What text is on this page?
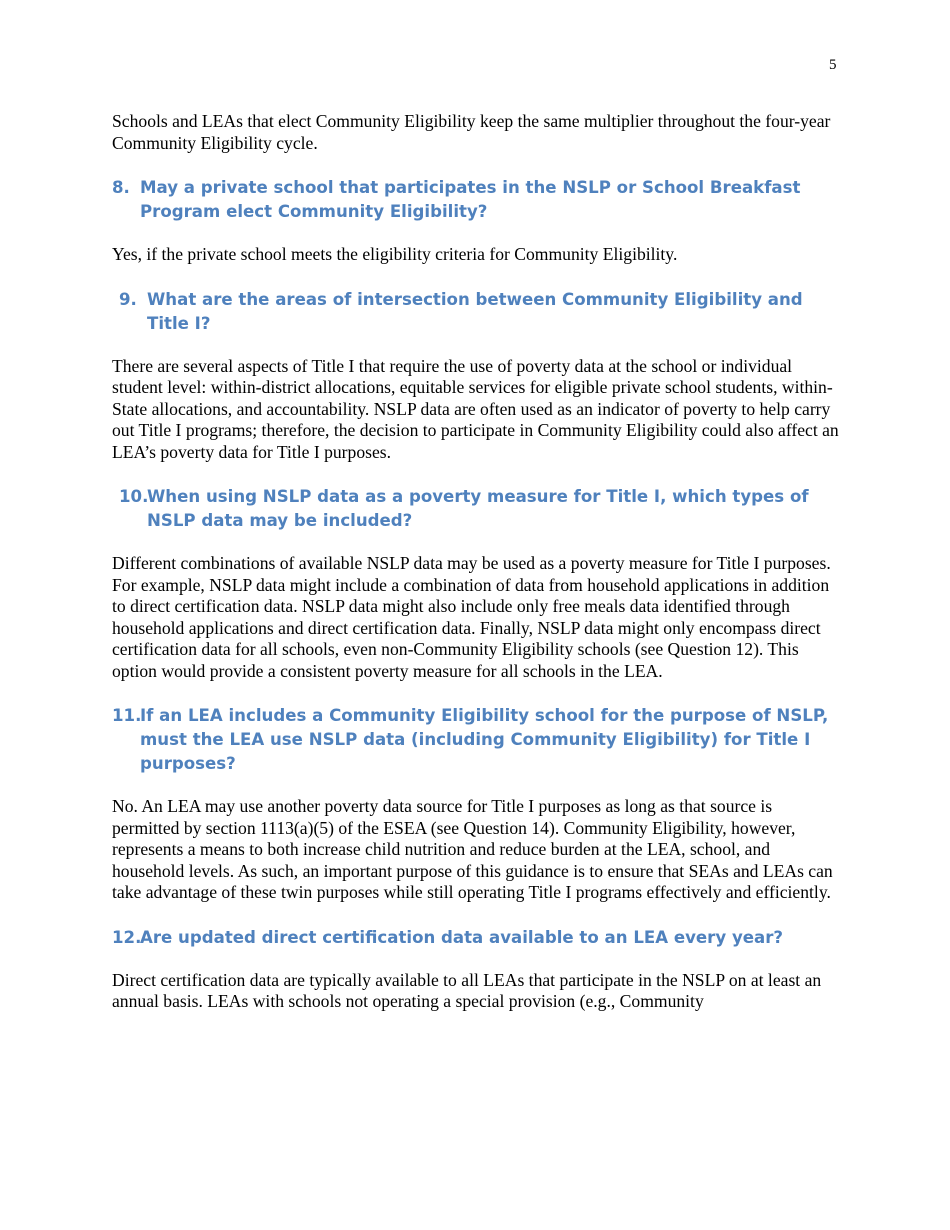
5

Schools and LEAs that elect Community Eligibility keep the same multiplier throughout the four-year Community Eligibility cycle.

8. May a private school that participates in the NSLP or School Breakfast Program elect Community Eligibility?

Yes, if the private school meets the eligibility criteria for Community Eligibility.

9. What are the areas of intersection between Community Eligibility and Title I?

There are several aspects of Title I that require the use of poverty data at the school or individual student level: within-district allocations, equitable services for eligible private school students, within-State allocations, and accountability. NSLP data are often used as an indicator of poverty to help carry out Title I programs; therefore, the decision to participate in Community Eligibility could also affect an LEA’s poverty data for Title I purposes.

10.
When using NSLP data as a poverty measure for Title I, which types of NSLP data may be included?

Different combinations of available NSLP data may be used as a poverty measure for Title I purposes. For example, NSLP data might include a combination of data from household applications in addition to direct certification data. NSLP data might also include only free meals data identified through household applications and direct certification data. Finally, NSLP data might only encompass direct certification data for all schools, even non-Community Eligibility schools (see Question 12). This option would provide a consistent poverty measure for all schools in the LEA.

11.
If an LEA includes a Community Eligibility school for the purpose of NSLP, must the LEA use NSLP data (including Community Eligibility) for Title I purposes?

No. An LEA may use another poverty data source for Title I purposes as long as that source is permitted by section 1113(a)(5) of the ESEA (see Question 14). Community Eligibility, however, represents a means to both increase child nutrition and reduce burden at the LEA, school, and household levels. As such, an important purpose of this guidance is to ensure that SEAs and LEAs can take advantage of these twin purposes while still operating Title I programs effectively and efficiently.

12.
Are updated direct certification data available to an LEA every year?

Direct certification data are typically available to all LEAs that participate in the NSLP on at least an annual basis. LEAs with schools not operating a special provision (e.g., Community
